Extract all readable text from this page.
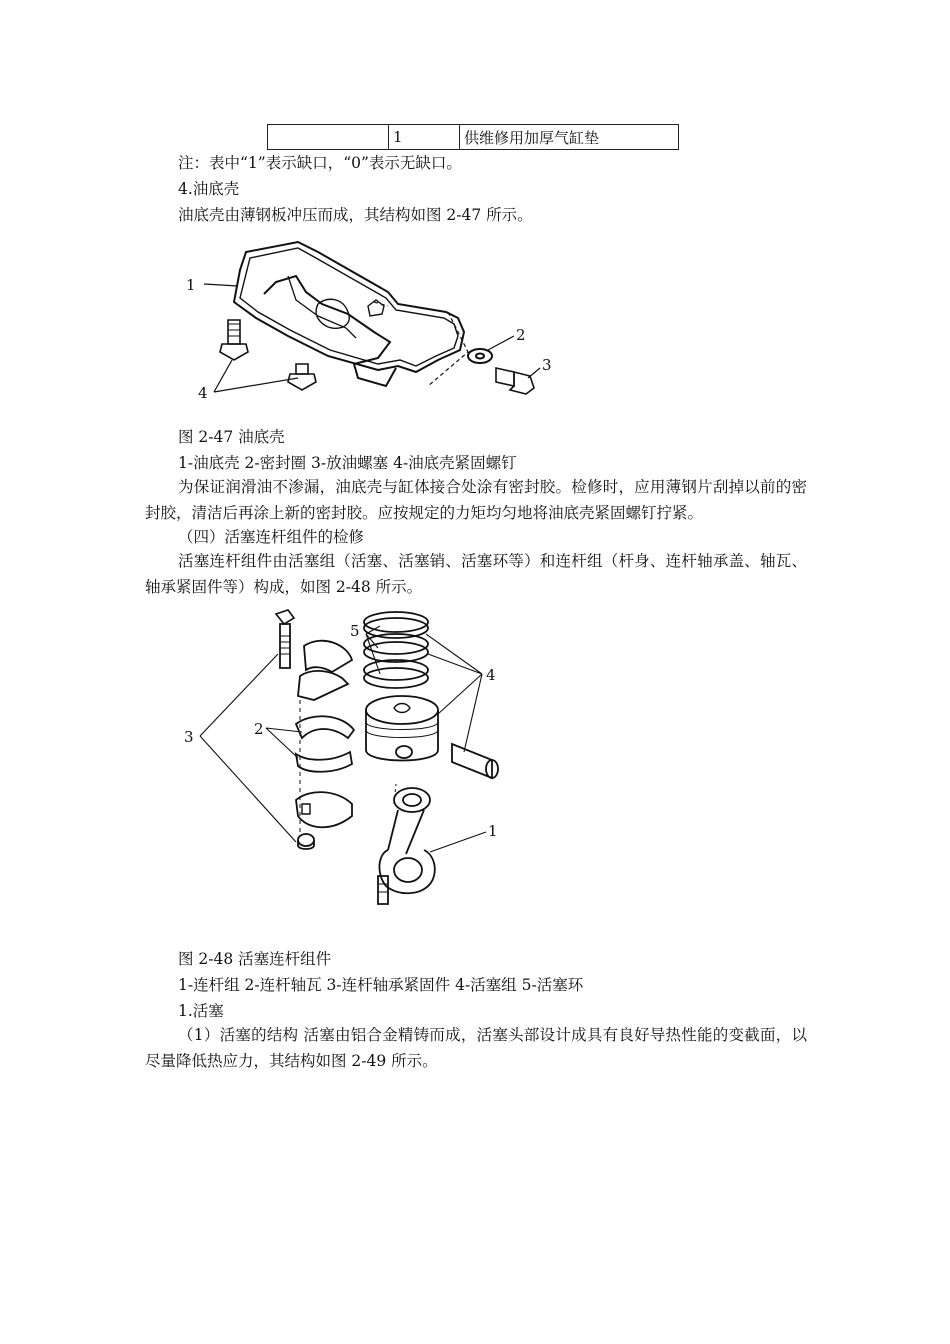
	1	供维修用加厚气缸垫
注：表中“1”表示缺口，“0”表示无缺口。
4.油底壳
油底壳由薄钢板冲压而成，其结构如图 2-47 所示。
1
2
3
4
图 2-47 油底壳
1-油底壳 2-密封圈 3-放油螺塞 4-油底壳紧固螺钉
为保证润滑油不渗漏，油底壳与缸体接合处涂有密封胶。检修时，应用薄钢片刮掉以前的密封胶，清洁后再涂上新的密封胶。应按规定的力矩均匀地将油底壳紧固螺钉拧紧。
（四）活塞连杆组件的检修
活塞连杆组件由活塞组（活塞、活塞销、活塞环等）和连杆组（杆身、连杆轴承盖、轴瓦、轴承紧固件等）构成，如图 2-48 所示。
3	2
5
4
1
图 2-48 活塞连杆组件
1-连杆组 2-连杆轴瓦 3-连杆轴承紧固件 4-活塞组 5-活塞环
1.活塞
（1）活塞的结构 活塞由铝合金精铸而成，活塞头部设计成具有良好导热性能的变截面，以尽量降低热应力，其结构如图 2-49 所示。
